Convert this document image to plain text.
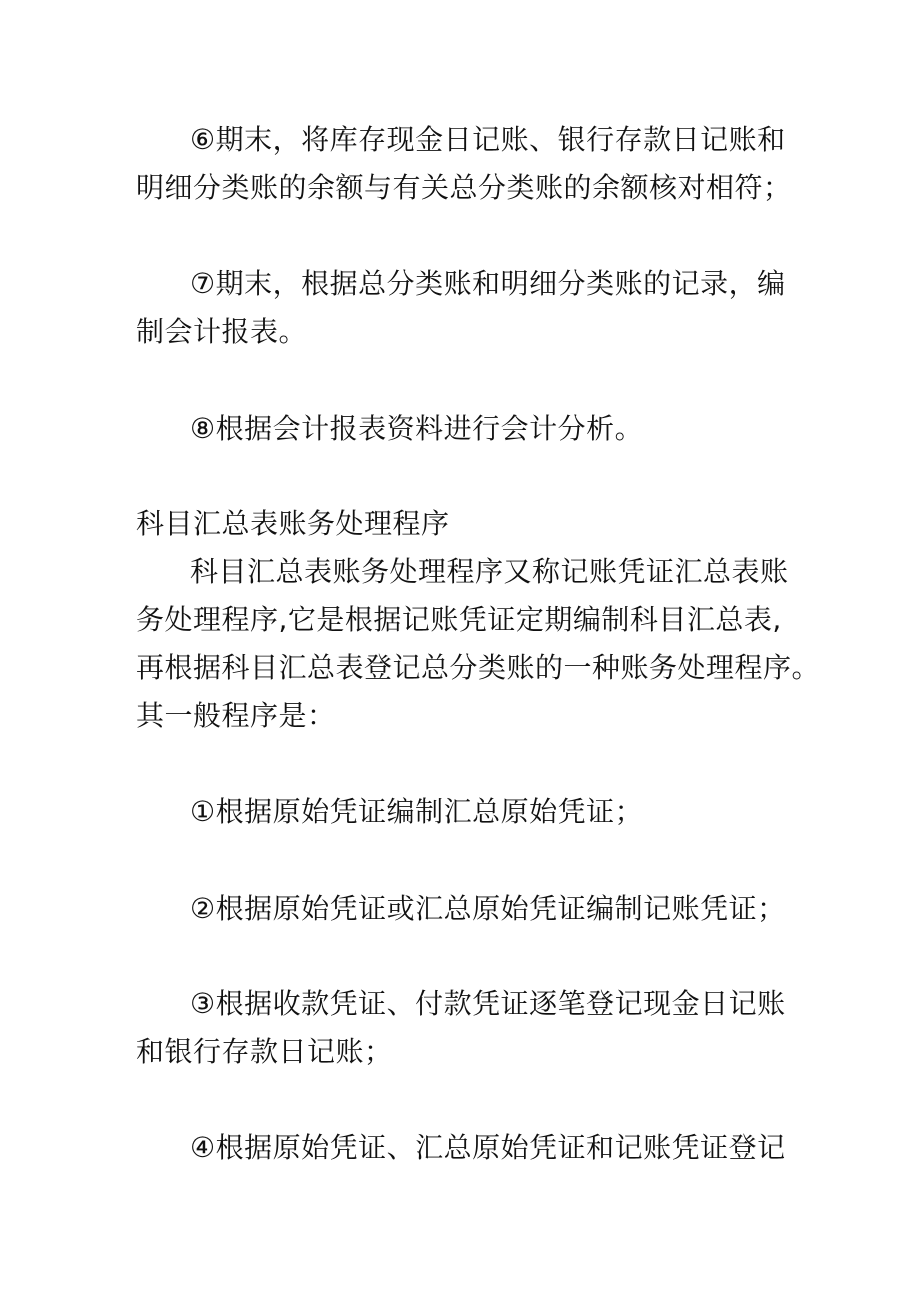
⑥期末，将库存现金日记账、银行存款日记账和
明细分类账的余额与有关总分类账的余额核对相符；
⑦期末，根据总分类账和明细分类账的记录，编
制会计报表。
⑧根据会计报表资料进行会计分析。
科目汇总表账务处理程序
科目汇总表账务处理程序又称记账凭证汇总表账
务处理程序,它是根据记账凭证定期编制科目汇总表,
再根据科目汇总表登记总分类账的一种账务处理程序。
其一般程序是：
①根据原始凭证编制汇总原始凭证；
②根据原始凭证或汇总原始凭证编制记账凭证；
③根据收款凭证、付款凭证逐笔登记现金日记账
和银行存款日记账；
④根据原始凭证、汇总原始凭证和记账凭证登记
